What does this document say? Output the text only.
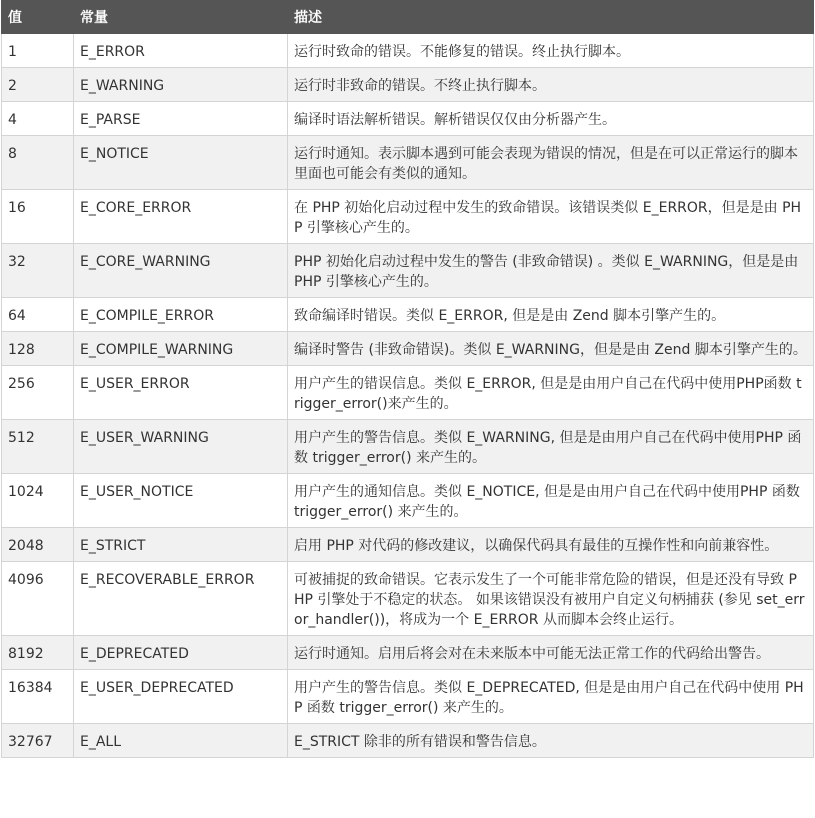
值	常量	描述
1	E_ERROR	运行时致命的错误。不能修复的错误。终止执行脚本。
2	E_WARNING	运行时非致命的错误。不终止执行脚本。
4	E_PARSE	编译时语法解析错误。解析错误仅仅由分析器产生。
8	E_NOTICE	运行时通知。表示脚本遇到可能会表现为错误的情况，但是在可以正常运行的脚本里面也可能会有类似的通知。
16	E_CORE_ERROR	在 PHP 初始化启动过程中发生的致命错误。该错误类似 E_ERROR，但是是由 PHP 引擎核心产生的。
32	E_CORE_WARNING	PHP 初始化启动过程中发生的警告 (非致命错误) 。类似 E_WARNING，但是是由 PHP 引擎核心产生的。
64	E_COMPILE_ERROR	致命编译时错误。类似 E_ERROR, 但是是由 Zend 脚本引擎产生的。
128	E_COMPILE_WARNING	编译时警告 (非致命错误)。类似 E_WARNING，但是是由 Zend 脚本引擎产生的。
256	E_USER_ERROR	用户产生的错误信息。类似 E_ERROR, 但是是由用户自己在代码中使用PHP函数 trigger_error()来产生的。
512	E_USER_WARNING	用户产生的警告信息。类似 E_WARNING, 但是是由用户自己在代码中使用PHP 函数 trigger_error() 来产生的。
1024	E_USER_NOTICE	用户产生的通知信息。类似 E_NOTICE, 但是是由用户自己在代码中使用PHP 函数 trigger_error() 来产生的。
2048	E_STRICT	启用 PHP 对代码的修改建议，以确保代码具有最佳的互操作性和向前兼容性。
4096	E_RECOVERABLE_ERROR	可被捕捉的致命错误。它表示发生了一个可能非常危险的错误，但是还没有导致 PHP 引擎处于不稳定的状态。 如果该错误没有被用户自定义句柄捕获 (参见 set_error_handler())，将成为一个 E_ERROR 从而脚本会终止运行。
8192	E_DEPRECATED	运行时通知。启用后将会对在未来版本中可能无法正常工作的代码给出警告。
16384	E_USER_DEPRECATED	用户产生的警告信息。类似 E_DEPRECATED, 但是是由用户自己在代码中使用 PHP 函数 trigger_error() 来产生的。
32767	E_ALL	E_STRICT 除非的所有错误和警告信息。
